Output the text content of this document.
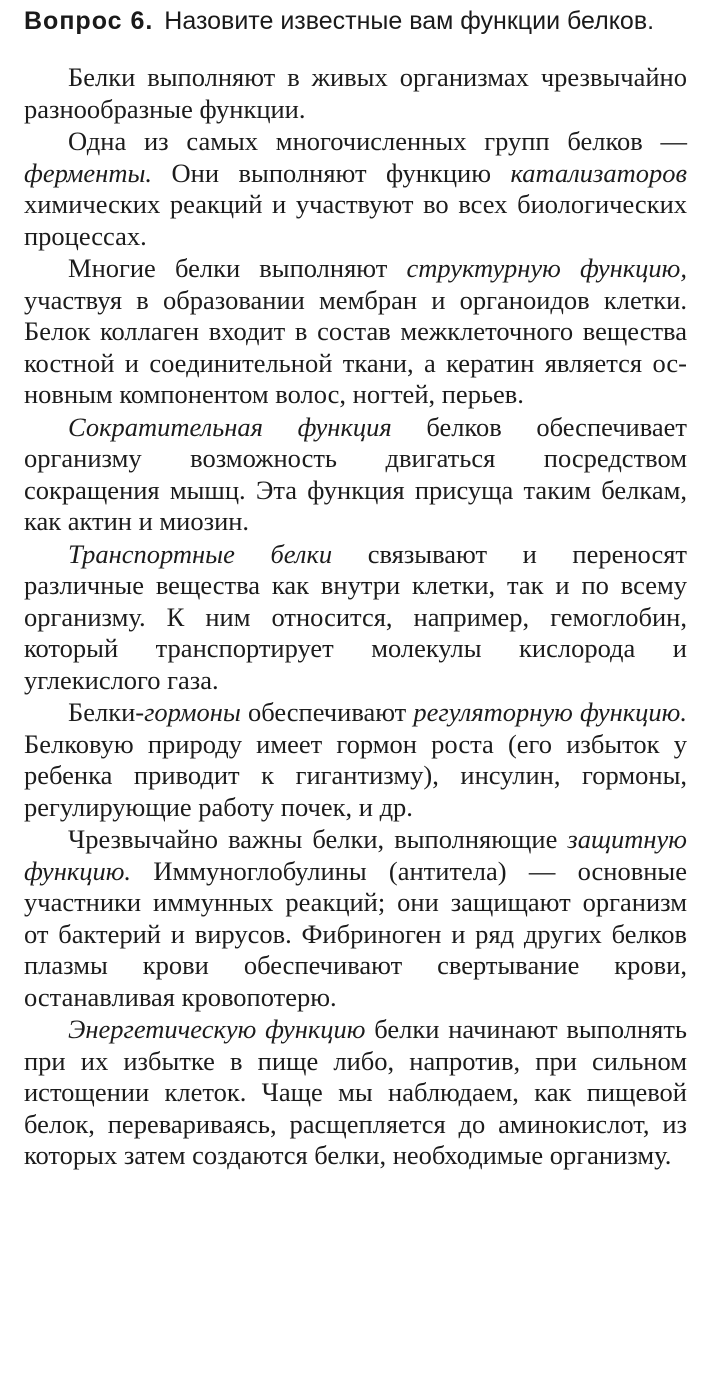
Вопрос 6. Назовите известные вам функции белков.

Белки выполняют в живых организмах чрезвычайно разнообразные функции.

Одна из самых многочисленных групп белков — ферменты. Они выполняют функцию катализаторов химических реакций и участвуют во всех биологических процессах.

Многие белки выполняют структурную функцию, участвуя в образовании мембран и органоидов клетки. Белок коллаген входит в состав межклеточного вещества костной и соединительной ткани, а кератин является основным компонентом волос, ногтей, перьев.

Сократительная функция белков обеспечивает организму возможность двигаться посредством сокращения мышц. Эта функция присуща таким белкам, как актин и миозин.

Транспортные белки связывают и переносят различные вещества как внутри клетки, так и по всему организму. К ним относится, например, гемоглобин, который транспортирует молекулы кислорода и углекислого газа.

Белки-гормоны обеспечивают регуляторную функцию. Белковую природу имеет гормон роста (его избыток у ребенка приводит к гигантизму), инсулин, гормоны, регулирующие работу почек, и др.

Чрезвычайно важны белки, выполняющие защитную функцию. Иммуноглобулины (антитела) — основные участники иммунных реакций; они защищают организм от бактерий и вирусов. Фибриноген и ряд других белков плазмы крови обеспечивают свертывание крови, останавливая кровопотерю.

Энергетическую функцию белки начинают выполнять при их избытке в пище либо, напротив, при сильном истощении клеток. Чаще мы наблюдаем, как пищевой белок, перевариваясь, расщепляется до аминокислот, из которых затем создаются белки, необходимые организму.
